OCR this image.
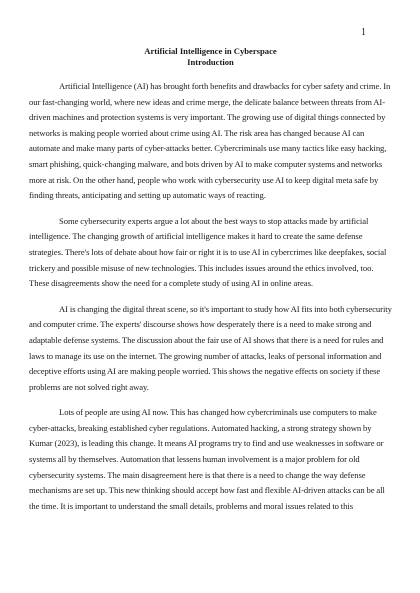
1

Artificial Intelligence in Cyberspace

Introduction

Artificial Intelligence (AI) has brought forth benefits and drawbacks for cyber safety and crime. In our fast-changing world, where new ideas and crime merge, the delicate balance between threats from AI-driven machines and protection systems is very important. The growing use of digital things connected by networks is making people worried about crime using AI. The risk area has changed because AI can automate and make many parts of cyber-attacks better. Cybercriminals use many tactics like easy hacking, smart phishing, quick-changing malware, and bots driven by AI to make computer systems and networks more at risk. On the other hand, people who work with cybersecurity use AI to keep digital meta safe by finding threats, anticipating and setting up automatic ways of reacting.

Some cybersecurity experts argue a lot about the best ways to stop attacks made by artificial intelligence. The changing growth of artificial intelligence makes it hard to create the same defense strategies. There's lots of debate about how fair or right it is to use AI in cybercrimes like deepfakes, social trickery and possible misuse of new technologies. This includes issues around the ethics involved, too. These disagreements show the need for a complete study of using AI in online areas.

AI is changing the digital threat scene, so it's important to study how AI fits into both cybersecurity and computer crime. The experts' discourse shows how desperately there is a need to make strong and adaptable defense systems. The discussion about the fair use of AI shows that there is a need for rules and laws to manage its use on the internet. The growing number of attacks, leaks of personal information and deceptive efforts using AI are making people worried. This shows the negative effects on society if these problems are not solved right away.

Lots of people are using AI now. This has changed how cybercriminals use computers to make cyber-attacks, breaking established cyber regulations. Automated hacking, a strong strategy shown by Kumar (2023), is leading this change. It means AI programs try to find and use weaknesses in software or systems all by themselves. Automation that lessens human involvement is a major problem for old cybersecurity systems. The main disagreement here is that there is a need to change the way defense mechanisms are set up. This new thinking should accept how fast and flexible AI-driven attacks can be all the time. It is important to understand the small details, problems and moral issues related to this
